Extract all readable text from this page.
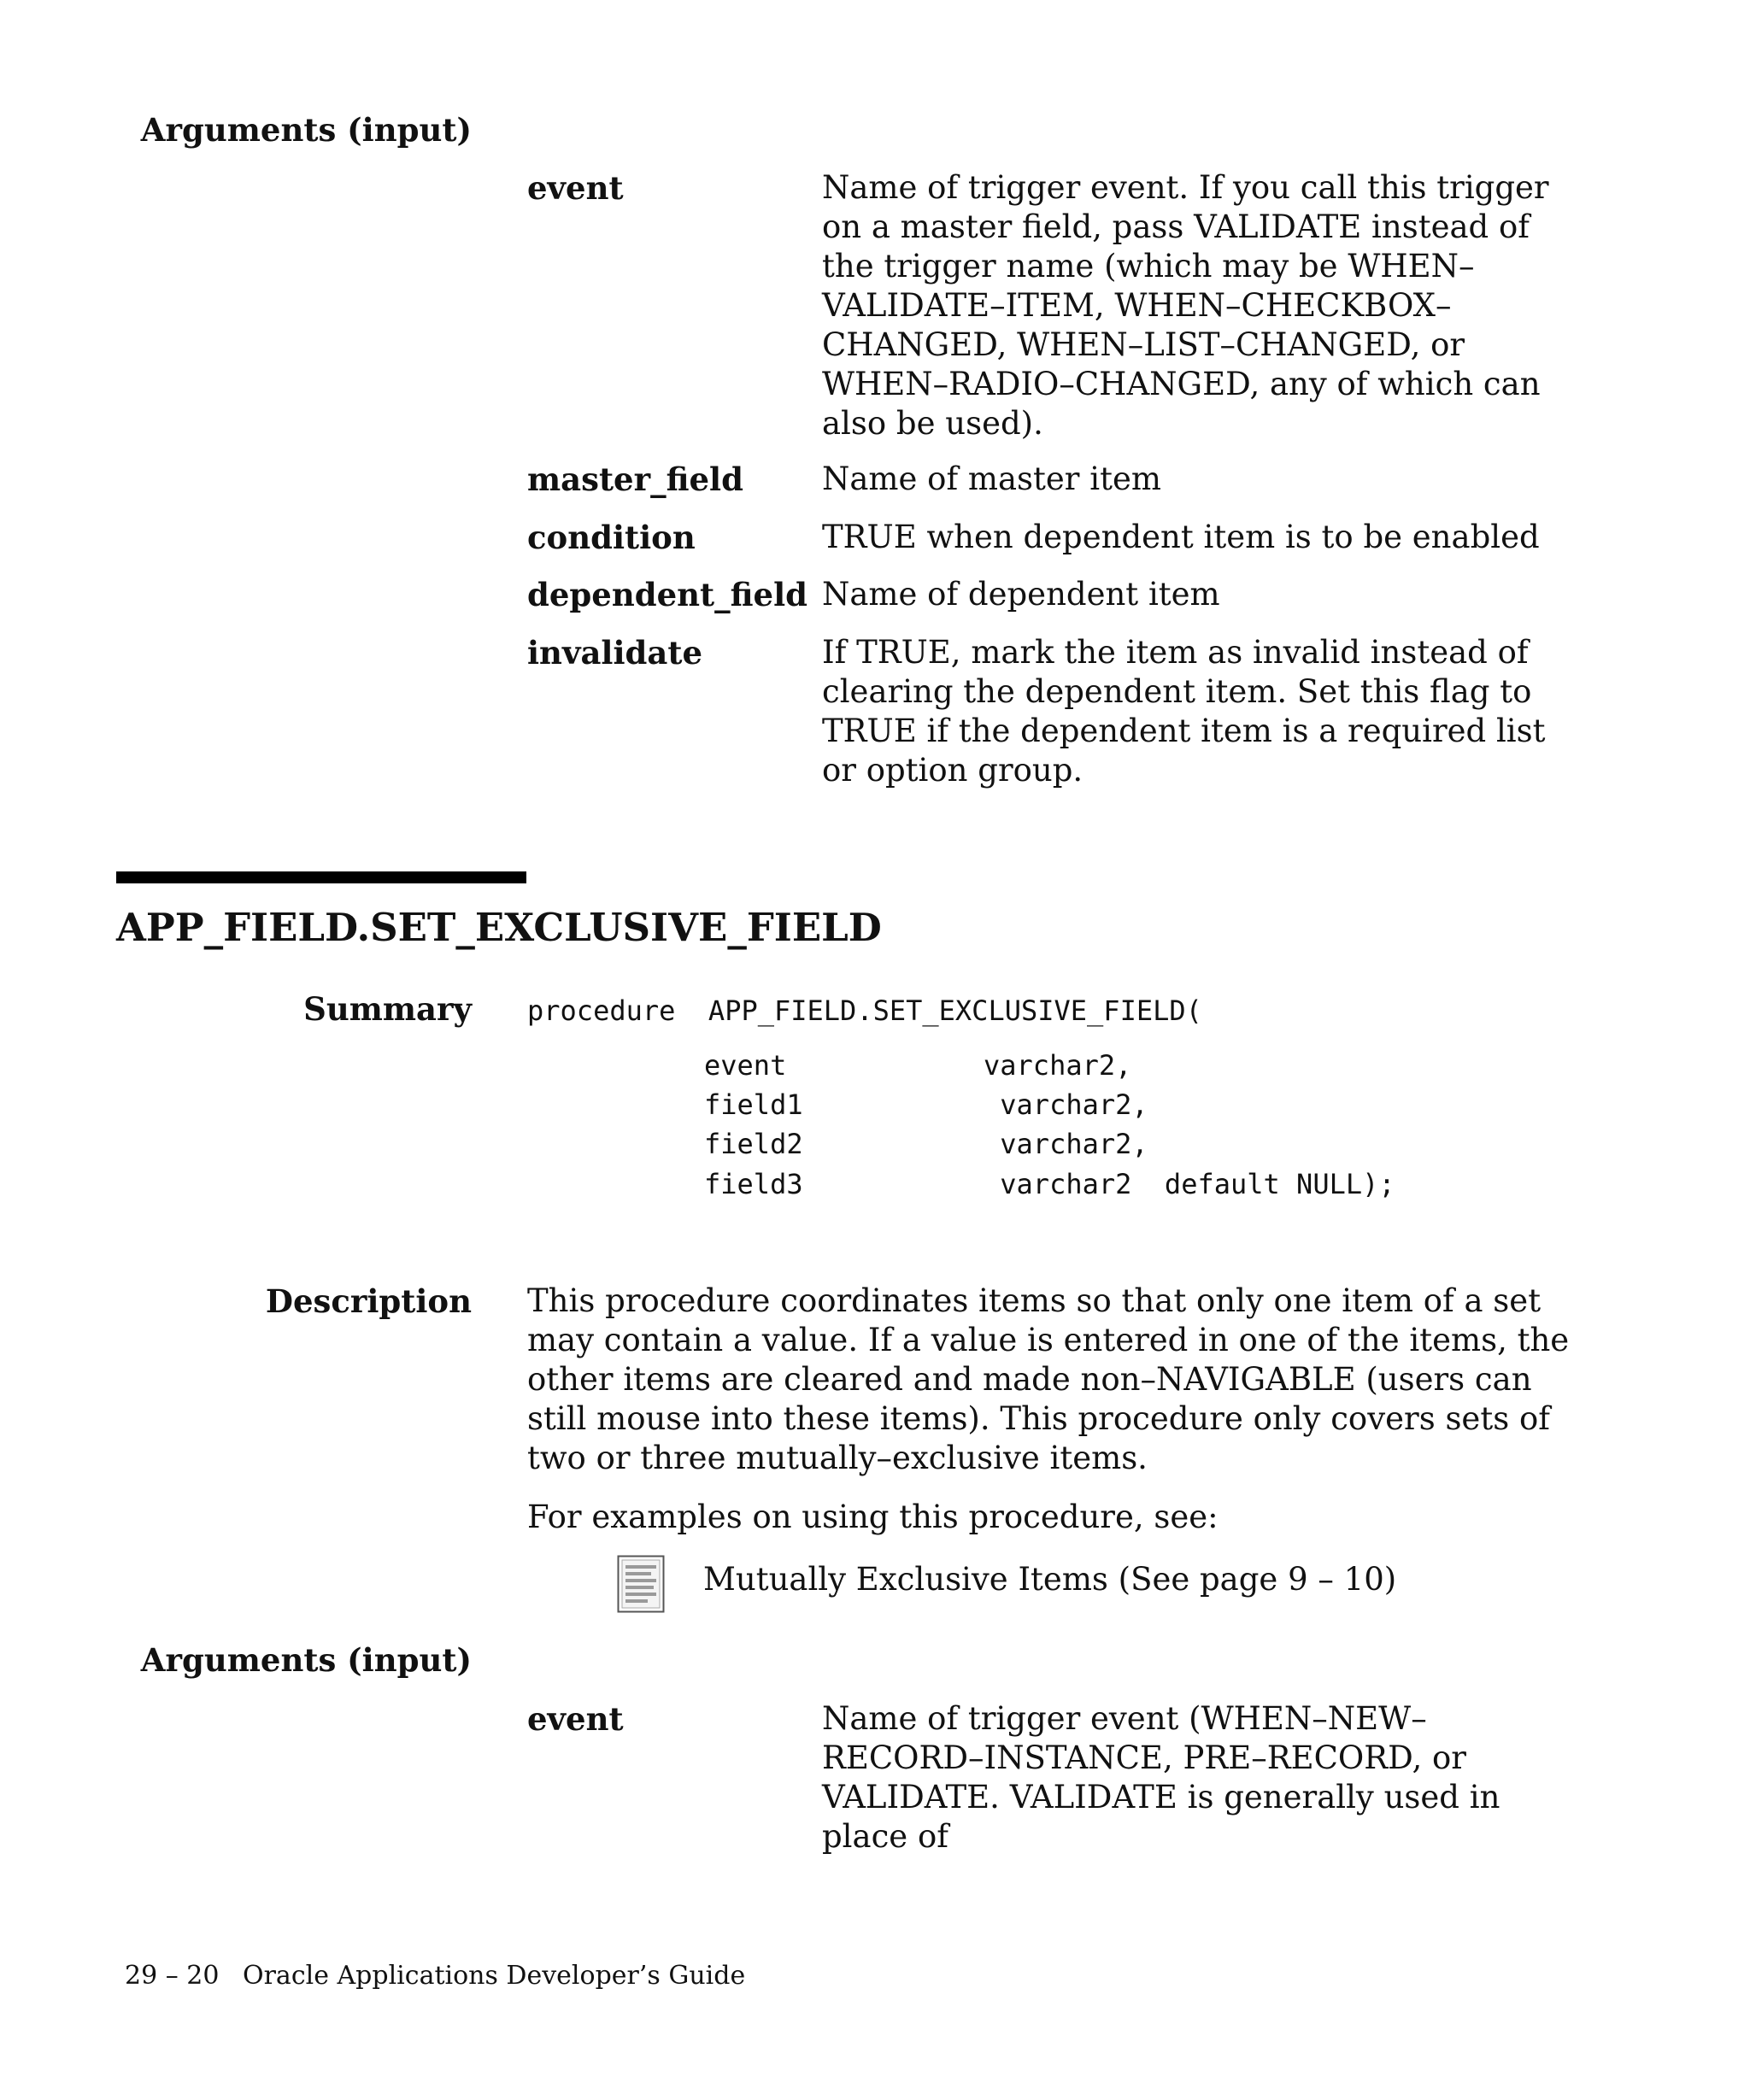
Arguments (input)
event	Name of trigger event. If you call this trigger on a master field, pass VALIDATE instead of the trigger name (which may be WHEN–VALIDATE–ITEM, WHEN–CHECKBOX–CHANGED, WHEN–LIST–CHANGED, or WHEN–RADIO–CHANGED, any of which can also be used).
master_field Name of master item
condition	TRUE when dependent item is to be enabled
dependent_field Name of dependent item
invalidate	If TRUE, mark the item as invalid instead of clearing the dependent item. Set this flag to TRUE if the dependent item is a required list or option group.
APP_FIELD.SET_EXCLUSIVE_FIELD
Summary procedure  APP_FIELD.SET_EXCLUSIVE_FIELD(
event	varchar2,
field1	varchar2,
field2	varchar2,
field3	varchar2  default NULL);
Description This procedure coordinates items so that only one item of a set may contain a value. If a value is entered in one of the items, the other items are cleared and made non–NAVIGABLE (users can still mouse into these items). This procedure only covers sets of two or three mutually–exclusive items.
For examples on using this procedure, see:
Mutually Exclusive Items (See page 9 – 10)
Arguments (input)
event	Name of trigger event (WHEN–NEW–RECORD–INSTANCE, PRE–RECORD, or VALIDATE. VALIDATE is generally used in place of
29 – 20 Oracle Applications Developer’s Guide
